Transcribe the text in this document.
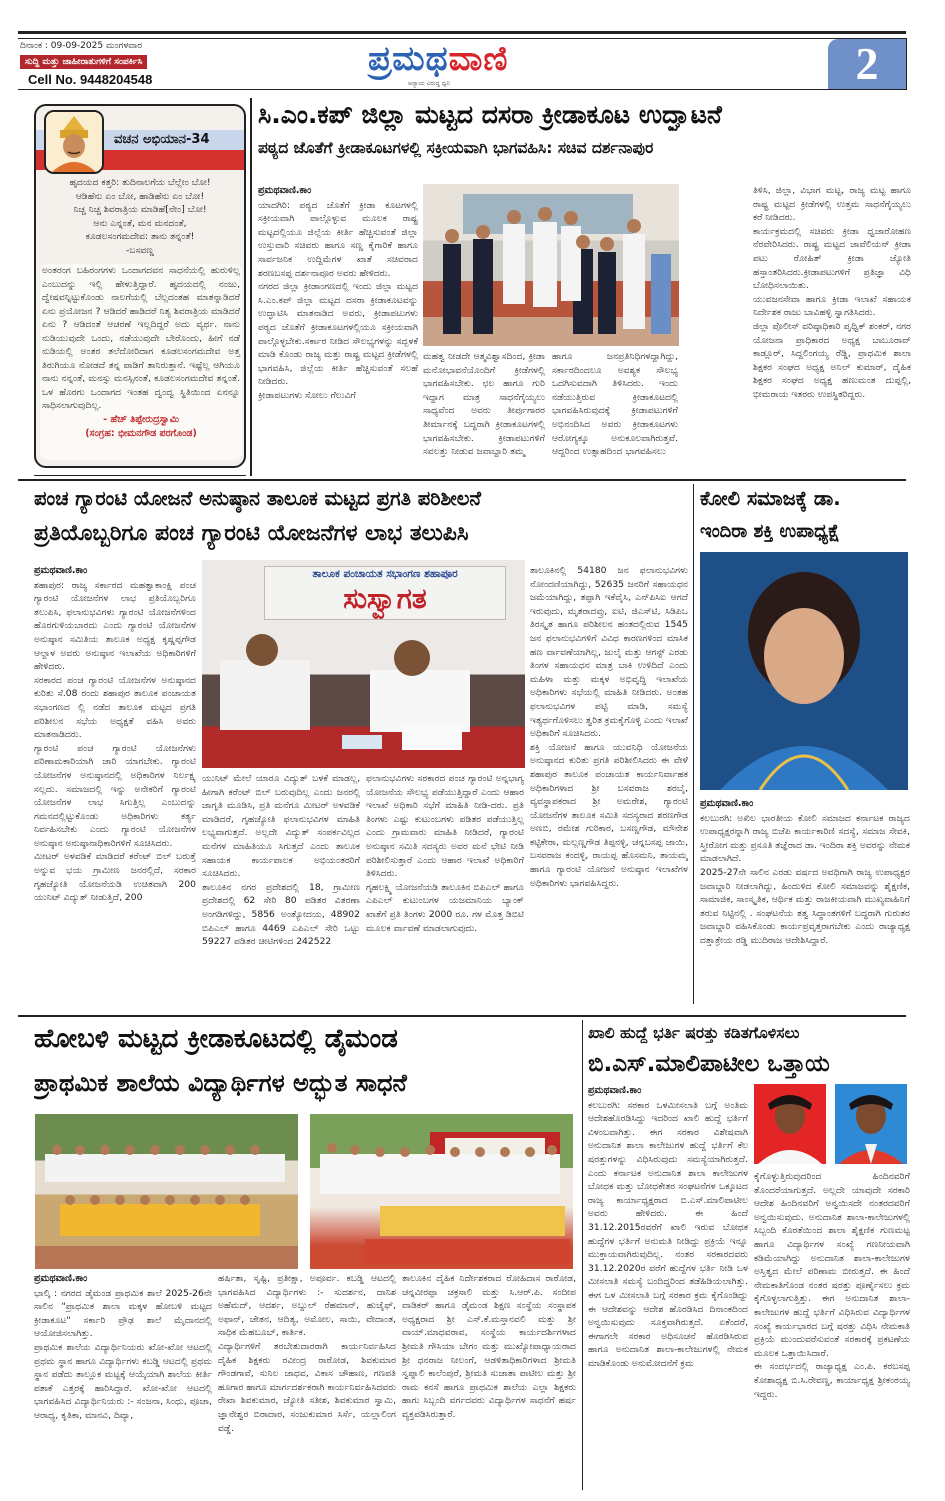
ದಿನಾಂಕ : 09-09-2025 ಮಂಗಳವಾರ
ಸುದ್ದಿ ಮತ್ತು ಜಾಹೀರಾತುಗಳಿಗೆ ಸಂಪರ್ಕಿಸಿ
Cell No. 9448204548
ಪ್ರಮಥವಾಣಿ
ಅನ್ಯಾಯ ವಿರುದ್ಧ ಧ್ವನಿ	2
ವಚನ ಅಭಿಯಾನ-34
ಹೃದಯದ ಕತ್ತರಿ: ತುದಿನಾಲಗೆಯ ಬೆಲ್ಲೇಂ ಬೋ!
ಆಡಿಹೆನು ಏಂ ಬೋ, ಹಾಡಿಹೆನು ಏಂ ಬೋ!
ನಿಚ್ಚ ನಿಚ್ಚ ಶಿವರಾತ್ರಿಯ ಮಾಡಿಹೆ[ನೇಂ] ಬೋ!
ಆನು ಎನ್ನಂತೆ, ಮನ ಮನದಂತೆ,
ಕೂಡಲಸಂಗಮದೇವ: ತಾನು ತನ್ನಂತೆ!
-ಬಸವಣ್ಣ
ಅಂತರಂಗ ಬಹಿರಂಗಗಳು ಒಂದಾಗದವನ ಸಾಧನೆಯಲ್ಲಿ ಹುರುಳಿಲ್ಲ ಎಂಬುದನ್ನು ಇಲ್ಲಿ ಹೇಳುತ್ತಿದ್ದಾರೆ. ಹೃದಯದಲ್ಲಿ ನಂಜು, ದ್ವೇಷವನ್ನಿಟ್ಟುಕೊಂಡು ನಾಲಗೆಯಲ್ಲಿ ಬೆಲ್ಲದಂತಹ ಮಾತನ್ನಾಡಿದರೆ ಏನು ಪ್ರಯೋಜನ ? ಆಡಿದರೆ ಹಾಡಿದರೆ ನಿತ್ಯ ಶಿವರಾತ್ರಿಯ ಮಾಡಿದರೆ ಏನು ? ಆಡಿದಂತೆ ಆಚರಣೆ ಇಲ್ಲದಿದ್ದರೆ ಅದು ವ್ಯರ್ಥ. ನಾನು ನುಡಿಯುವುದೇ ಒಂದು, ನಡೆಯುವುದೇ ಬೇರೊಂದು, ಹೀಗೆ ನಡೆ ನುಡಿಯಲ್ಲಿ ಅಂತರ ತಲೆದೋರಿದಾಗ ಕೂಡಲಸಂಗಮದೇವ ಅತ್ತ ತಿರುಗಿಯೂ ನೋಡದೆ ತನ್ನ ಪಾಡಿಗೆ ತಾನಿರುತ್ತಾನೆ. ಇಷ್ಟೆಲ್ಲ ಆಗಿಯೂ ನಾನು ನನ್ನಂತೆ, ಮನಸ್ಸು ಮನಸ್ಸಿನಂತೆ, ಕೂಡಲಸಂಗಮದೇವ ತನ್ನಂತೆ. ಒಳ ಹೊರಗು ಒಂದಾಗದ ಇಂತಹ ದ್ವಂದ್ವ ಸ್ಥಿತಿಯಿಂದ ಏನನ್ನೂ ಸಾಧಿಸಲಾಗುವುದಿಲ್ಲ.
- ಹೆಚ್ ತಿಪ್ಪೇರುದ್ರಸ್ವಾಮಿ
(ಸಂಗ್ರಹ: ಭೀಮನಗೌಡ ಪರಗೊಂಡ)
ಸಿ.ಎಂ.ಕಪ್ ಜಿಲ್ಲಾ ಮಟ್ಟದ ದಸರಾ ಕ್ರೀಡಾಕೂಟ ಉದ್ಘಾಟನೆ
ಪಠ್ಯದ ಜೊತೆಗೆ ಕ್ರೀಡಾಕೂಟಗಳಲ್ಲಿ ಸಕ್ರೀಯವಾಗಿ ಭಾಗವಹಿಸಿ: ಸಚಿವ ದರ್ಶನಾಪುರ
ಪ್ರಮಥವಾಣಿ.ಕಾಂ

ಯಾದಗಿರಿ: ಪಠ್ಯದ ಜೊತೆಗೆ ಕ್ರೀಡಾ ಕೂಟಗಳಲ್ಲಿ ಸಕ್ರೀಯವಾಗಿ ಪಾಲ್ಗೊಳ್ಳುವ ಮೂಲಕ ರಾಷ್ಟ್ರ ಮಟ್ಟದಲ್ಲಿಯೂ ಜಿಲ್ಲೆಯ ಕೀರ್ತಿ ಹೆಚ್ಚಿಸುವಂತೆ ಜಿಲ್ಲಾ ಉಸ್ತುವಾರಿ ಸಚಿವರು ಹಾಗೂ ಸಣ್ಣ ಕೈಗಾರಿಕೆ ಹಾಗೂ ಸಾರ್ವಜನಿಕ ಉದ್ದಿಮೆಗಳ ಖಾತೆ ಸಚಿವರಾದ ಶರಣಬಸಪ್ಪ ದರ್ಶನಾಪೂರ ಅವರು ಹೇಳಿದರು.

ನಗರದ ಜಿಲ್ಲಾ ಕ್ರೀಡಾಂಗಣದಲ್ಲಿ ಇಂದು ಜಿಲ್ಲಾ ಮಟ್ಟದ ಸಿ.ಎಂ.ಕಪ್ ಜಿಲ್ಲಾ ಮಟ್ಟದ ದಸರಾ ಕ್ರೀಡಾಕೂಟವನ್ನು ಉದ್ಘಾಟಿಸಿ ಮಾತನಾಡಿದ ಅವರು, ಕ್ರೀಡಾಪಟುಗಳು ಪಠ್ಯದ ಜೊತೆಗೆ ಕ್ರೀಡಾಕೂಟಗಳಲ್ಲಿಯೂ ಸಕ್ರೀಯವಾಗಿ ಪಾಲ್ಗೊಳ್ಳಬೇಕು.ಸರ್ಕಾರ ನೀಡಿದ ಸೌಲಭ್ಯಗಳನ್ನು ಸದ್ಬಳಕೆ ಮಾಡಿ ಕೊಂಡು ರಾಜ್ಯ ಮತ್ತು ರಾಷ್ಟ್ರ ಮಟ್ಟದ ಕ್ರೀಡೆಗಳಲ್ಲಿ ಭಾಗವಹಿಸಿ, ಜಿಲ್ಲೆಯ ಕೀರ್ತಿ ಹೆಚ್ಚಿಸುವಂತೆ ಸಲಹೆ ನೀಡಿದರು.

ಕ್ರೀಡಾಪಟುಗಳು ಸೋಲು ಗೆಲುವಿಗೆ

ಮಹತ್ವ ನೀಡದೇ ಆತ್ಮವಿಶ್ವಾಸದಿಂದ, ಕ್ರೀಡಾ ಮನೋಭಾವನೆಯೊಂದಿಗೆ ಕ್ರೀಡೆಗಳಲ್ಲಿ ಭಾಗವಹಿಸಬೇಕು. ಛಲ ಹಾಗೂ ಗುರಿ ಇದ್ದಾಗ ಮಾತ್ರ ಸಾಧನೆಗೈಯ್ಯಲು ಸಾಧ್ಯವೆಂದ ಅವರು ತೀರ್ಪುಗಾರರ ತೀರ್ಮಾನಕ್ಕೆ ಬದ್ಧರಾಗಿ ಕ್ರೀಡಾಕೂಟಗಳಲ್ಲಿ ಭಾಗವಹಿಸಬೇಕು. ಕ್ರೀಡಾಪಟುಗಳಿಗೆ ಸವಲತ್ತು ನೀಡುವ ಜವಾಬ್ದಾರಿ ತಮ್ಮ

ಹಾಗೂ ಜನಪ್ರತಿನಿಧಿಗಳದ್ದಾಗಿದ್ದು, ಸರ್ಕಾರದಿಂದಲೂ ಅವಶ್ಯಕ ಸೌಲಭ್ಯ ಒದಗಿಸುವದಾಗಿ ತಿಳಿಸಿದರು. ಇಂದು ನಡೆಯುತ್ತಿರುವ ಕ್ರೀಡಾಕೂಟದಲ್ಲಿ ಭಾಗವಹಿಸಿರುವುದಕ್ಕೆ ಕ್ರೀಡಾಪಟುಗಳಿಗೆ ಅಭಿನಂದಿಸಿದ ಅವರು ಕ್ರೀಡಾಕೂಟಗಳು ಆರೋಗ್ಯಕ್ಕೂ ಅನುಕೂಲವಾಗಿರುತ್ತವೆ. ಆದ್ದರಿಂದ ಉತ್ಸಾಹದಿಂದ ಭಾಗವಹಿಸಲು

ತಿಳಿಸಿ, ಜಿಲ್ಲಾ, ವಿಭಾಗ ಮಟ್ಟ, ರಾಜ್ಯ ಮಟ್ಟ ಹಾಗೂ ರಾಷ್ಟ್ರ ಮಟ್ಟದ ಕ್ರೀಡೆಗಳಲ್ಲಿ ಉತ್ತಮ ಸಾಧನೆಗೈಯ್ಯಲು ಕರೆ ನೀಡಿದರು.

ಕಾರ್ಯಕ್ರಮದಲ್ಲಿ ಸಚಿವರು ಕ್ರೀಡಾ ಧ್ವಜಾರೋಹಣ ನೆರವೇರಿಸಿದರು. ರಾಷ್ಟ್ರ ಮಟ್ಟದ ಜಾವೆಲಿಯನ್ ಕ್ರೀಡಾ ಪಟು ರೋಹಿತ್ ಕ್ರೀಡಾ ಜ್ಯೋತಿ ಹಸ್ತಾಂತರಿಸಿದರು.ಕ್ರೀಡಾಪಟುಗಳಿಗೆ ಪ್ರತಿಜ್ಞಾ ವಿಧಿ ಬೋಧಿಸಲಾಯಿತು.

ಯುವಜನಸೇವಾ ಹಾಗೂ ಕ್ರೀಡಾ ಇಲಾಖೆ ಸಹಾಯಕ ನಿರ್ದೇಶಕ ರಾಜು ಬಾವಿಹಳ್ಳಿ ಸ್ವಾಗತಿಸಿದರು.

ಜಿಲ್ಲಾ ಪೊಲೀಸ್ ವರಿಷ್ಠಾಧಿಕಾರಿ ಪೃಥ್ವಿಕ್ ಶಂಕರ್, ನಗರ ಯೋಜನಾ ಪ್ರಾಧಿಕಾರದ ಅಧ್ಯಕ್ಷ ಬಾಬೂರಾವ್ ಕಾಡ್ಲೂರ್, ಸಿದ್ದಲಿಂಗಯ್ಯ ರೆಡ್ಡಿ, ಪ್ರಾಥಮಿಕ ಶಾಲಾ ಶಿಕ್ಷಕರ ಸಂಘದ ಅಧ್ಯಕ್ಷ ಅನಿಲ್ ಕುಮಾರ್, ದೈಹಿಕ ಶಿಕ್ಷಕರ ಸಂಘದ ಅಧ್ಯಕ್ಷ ಹಣುಮಂತ ದುಪ್ಪಲ್ಲಿ, ಭೀಮರಾಯ ಇತರರು ಉಪಸ್ಥಿತರಿದ್ದರು.

ಪಂಚ ಗ್ಯಾರಂಟಿ ಯೋಜನೆ ಅನುಷ್ಠಾನ ತಾಲೂಕ ಮಟ್ಟದ ಪ್ರಗತಿ ಪರಿಶೀಲನೆ
ಪ್ರತಿಯೊಬ್ಬರಿಗೂ ಪಂಚ ಗ್ಯಾರಂಟಿ ಯೋಜನೆಗಳ ಲಾಭ ತಲುಪಿಸಿ
ಪ್ರಮಥವಾಣಿ.ಕಾಂ

ಶಹಾಪುರ: ರಾಜ್ಯ ಸರ್ಕಾರದ ಮಹತ್ವಾಕಾಂಕ್ಷಿ ಪಂಚ ಗ್ಯಾರಂಟಿ ಯೋಜನೆಗಳ ಲಾಭ ಪ್ರತಿಯೊಬ್ಬರಿಗೂ ತಲುಪಿಸಿ, ಫಲಾನುಭವಿಗಳು ಗ್ಯಾರಂಟಿ ಯೋಜನೆಗಳಿಂದ ಹೊರಗುಳಿಯಬಾರದು ಎಂದು ಗ್ಯಾರಂಟಿ ಯೋಜನೆಗಳ ಅನುಷ್ಠಾನ ಸಮಿತಿಯ ತಾಲೂಕ ಅಧ್ಯಕ್ಷ ಕೃಷ್ಣಪ್ಪಗೌಡ ಆಲ್ದಾಳ ಅವರು ಅನುಷ್ಠಾನ ಇಲಾಖೆಯ ಅಧಿಕಾರಿಗಳಿಗೆ ಹೇಳಿದರು.

ಸರಕಾರದ ಪಂಚ ಗ್ಯಾರಂಟಿ ಯೋಜನೆಗಳ ಅನುಷ್ಠಾನದ ಕುರಿತು ಸೆ.08 ರಂದು ಶಹಾಪುರ ತಾಲೂಕ ಪಂಚಾಯತ ಸಭಾಂಗಣದ ಲ್ಲಿ ನಡೆದ ತಾಲೂಕ ಮಟ್ಟದ ಪ್ರಗತಿ ಪರಿಶೀಲನ ಸಭೆಯ ಅಧ್ಯಕ್ಷತೆ ವಹಿಸಿ ಅವರು ಮಾತನಾಡಿದರು.

ಗ್ಯಾರಂಟಿ ಪಂಚ ಗ್ಯಾರಂಟಿ ಯೋಜನೆಗಳು ಪರಿಣಾಮಕಾರಿಯಾಗಿ ಜಾರಿ ಯಾಗಬೇಕು. ಗ್ಯಾರಂಟಿ ಯೋಜನೆಗಳ ಅನುಷ್ಠಾನದಲ್ಲಿ ಅಧಿಕಾರಿಗಳ ನಿರ್ಲಕ್ಷ್ಯ ಸಲ್ಲದು. ಸಮಾಜದಲ್ಲಿ ಇನ್ನು ಅನೇಕರಿಗೆ ಗ್ಯಾರಂಟಿ ಯೋಜನೆಗಳ ಲಾಭ ಸಿಗುತ್ತಿಲ್ಲ ಎಂಬುದನ್ನು ಗಮನದಲ್ಲಿಟ್ಟುಕೊಂಡು ಅಧಿಕಾರಿಗಳು ಕರ್ತ್ಯ ನಿರ್ವಹಿಸಬೇಕು ಎಂದು ಗ್ಯಾರಂಟಿ ಯೋಜನೆಗಳ ಅನುಷ್ಠಾನ ಅನುಷ್ಠಾನಾಧಿಕಾರಿಗಳಿಗೆ ಸೂಚಿಸಿದರು.

ಮೀಟರ್ ಅಳವಡಿಕೆ ಮಾಡಿದರೆ ಕರೆಂಟ್ ಬಿಲ್ ಬರುತ್ತೆ ಅನ್ನುವ ಭಯ ಗ್ರಾಮೀಣ ಜನರಲ್ಲಿದೆ, ಸರಕಾರ ಗೃಹಜ್ಯೋತಿ ಯೋಜನೆಯಡಿ ಉಚಿತವಾಗಿ 200 ಯುನಿಟ್ ವಿದ್ಯುತ್ ನೀಡುತ್ತಿದೆ, 200

ತಾಲೂಕ ಪಂಚಾಯತ ಸಭಾಂಗಣ ಶಹಾಪೂರ
ಸುಸ್ವಾಗತ

ಯುನಿಟ್ ಮೇಲೆ ಯಾರೂ ವಿದ್ಯುತ್ ಬಳಕೆ ಮಾಡಲ್ಲ, ಹೀಗಾಗಿ ಕರೆಂಟ್ ಬಿಲ್ ಬರುವುದಿಲ್ಲ ಎಂದು ಜನರಲ್ಲಿ ಜಾಗೃತಿ ಮೂಡಿಸಿ, ಪ್ರತಿ ಮನೆಗೂ ಮೀಟರ್ ಅಳವಡಿಕೆ ಮಾಡಿದರೆ, ಗೃಹಜ್ಯೋತಿ ಫಲಾನುಭವಿಗಳ ಮಾಹಿತಿ ಲಭ್ಯವಾಗುತ್ತದೆ. ಅಲ್ಲದೇ ವಿದ್ಯುತ್ ಸಂಪರ್ಕವಿಲ್ಲದ ಮನೆಗಳ ಮಾಹಿತಿಯೂ ಸಿಗುತ್ತದೆ ಎಂದು ತಾಲೂಕ ಸಹಾಯಕ ಕಾರ್ಯಪಾಲಕ ಅಭಿಯಂತರರಿಗೆ ಸೂಚಿಸಿದರು.

ತಾಲೂಕಿನ ನಗರ ಪ್ರದೇಶದಲ್ಲಿ 18, ಗ್ರಾಮೀಣ ಪ್ರದೇಶದಲ್ಲಿ 62 ಸೇರಿ 80 ಪಡಿತರ ವಿತರಣಾ ಅಂಗಡಿಗಳಿದ್ದು, 5856 ಅಂತ್ಯೋದಯ, 48902 ಬಿಪಿಎಲ್ ಹಾಗೂ 4469 ಎಪಿಎಲ್ ಸೇರಿ ಒಟ್ಟು 59227 ಪಡಿತರ ಚೀಟಿಗಳಿಂದ 242522

ಫಲಾನುಭವಿಗಳು ಸರಕಾರದ ಪಂಚ ಗ್ಯಾರಂಟಿ ಅನ್ನಭಾಗ್ಯ ಯೋಜನೆಯ ಸೌಲಭ್ಯ ಪಡೆಯುತ್ತಿದ್ದಾರೆ ಎಂದು ಆಹಾರ ಇಲಾಖೆ ಅಧಿಕಾರಿ ಸಭೆಗೆ ಮಾಹಿತಿ ನೀಡಿ-ದರು. ಪ್ರತಿ ತಿಂಗಳು ಎಷ್ಟು ಕುಟುಂಬಗಳು ಪಡಿತರ ಪಡೆಯುತ್ತಿಲ್ಲ ಎಂದು ಗ್ರಾಮವಾರು ಮಾಹಿತಿ ನೀಡಿದರೆ, ಗ್ಯಾರಂಟಿ ಅನುಷ್ಠಾನ ಸಮಿತಿ ಸದಸ್ಯರು ಅವರ ಮನೆ ಭೇಟಿ ನೀಡಿ ಪರಿಶೀಲಿಸುತ್ತಾರೆ ಎಂದು ಆಹಾರ ಇಲಾಖೆ ಅಧಿಕಾರಿಗೆ ತಿಳಿಸಿದರು.

ಗೃಹಲಕ್ಷ್ಮಿ ಯೋಜನೆಯಡಿ ತಾಲೂಕಿನ ಬಿಪಿಎಲ್ ಹಾಗೂ ಎಪಿಎಲ್ ಕುಟುಂಬಗಳ ಯಜಮಾನಿಯ ಬ್ಯಾಂಕ್ ಖಾತೆಗೆ ಪ್ರತಿ ತಿಂಗಳು 2000 ರೂ. ಗಳ ಮೊತ್ತ ಡಿಬಿಟಿ ಮೂಲಕ ರ್ವಾವಣೆ ಮಾಡಲಾಗುವುದು.

ತಾಲೂಕಿನಲ್ಲಿ 54180 ಜನ ಫಲಾನುಭವಿಗಳು ನೋಂದಣಿಯಾಗಿದ್ದು, 52635 ಜನರಿಗೆ ಸಹಾಯಧನ ಜಮೆಯಾಗಿದ್ದು, ತಪ್ಪಾಗಿ ಇಕೆವೈಸಿ, ಎನ್‌ಪಿಸಿಐ ಆಗದೆ ಇರುವುದು, ಮೃತರಾದವ್ರು, ಐಟಿ, ಜಿಎಸ್‌ಟಿ, ಸಿಡಿಪಿಒ ತಿರಸ್ಕೃತ ಹಾಗೂ ಪರಿಶೀಲನ ಹಂತದಲ್ಲಿರುವ 1545 ಜನ ಫಲಾನುಭವಿಗಳಿಗೆ ವಿವಿಧ ಕಾರಣಗಳಿಂದ ಮಾಸಿಕ ಹಣ ರ್ವಾವಣೆಯಾಗಿಲ್ಲ, ಜುಲೈ ಮತ್ತು ಆಗಸ್ಟ್ ಎರಡು ತಿಂಗಳ ಸಹಾಯಧನ ಮಾತ್ರ ಬಾಕಿ ಉಳಿದಿದೆ ಎಂದು ಮಹಿಳಾ ಮತ್ತು ಮಕ್ಕಳ ಅಭಿವೃದ್ಧಿ ಇಲಾಖೆಯ ಅಧಿಕಾರಿಗಳು ಸಭೆಯಲ್ಲಿ ಮಾಹಿತಿ ನೀಡಿದರು. ಅಂತಹ ಫಲಾನುಭವಿಗಳ ಪಟ್ಟಿ ಮಾಡಿ, ಸಮಸ್ಯೆ ಇತ್ಯರ್ಥಗೊಳಿಸಲು ತ್ವರಿತ ಕ್ರಮಕೈಗೊಳ್ಳಿ ಎಂದು ಇಲಾಖೆ ಅಧಿಕಾರಿಗೆ ಸೂಚಿಸಿದರು.

ಶಕ್ತಿ ಯೋಜನೆ ಹಾಗೂ ಯುವನಿಧಿ ಯೋಜನೆಯ ಅನುಷ್ಠಾನದ ಕುರಿತು ಪ್ರಗತಿ ಪರಿಶೀಲಿಸಿದರು ಈ ವೇಳೆ ಶಹಾಪುರ ತಾಲೂಕ ಪಂಚಾಯತ ಕಾರ್ಯನಿರ್ವಾಹಕ ಅಧಿಕಾರಿಗಳಾದ ಶ್ರೀ ಬಸವರಾಜ ಶರಬೈ, ವ್ಯವಸ್ಥಾಪಕರಾದ ಶ್ರೀ ಅಮರೇಶ, ಗ್ಯಾರಂಟಿ ಯೋಜನೆಗಳ ತಾಲೂಕ ಸಮಿತಿ ಸದಸ್ಯರಾದ ಶರಣಗೌಡ ಅಣಬಿ, ರಮೇಶ ಗುರಿಕಾರ, ಬಸಣ್ಣಗೌಡ, ಮೌನೇಶ ಕಟ್ಟಿಕೇರಾ, ಮಲ್ಲಣ್ಣಗೌಡ ತಿಪ್ಪನಳ್ಳಿ, ಚನ್ನಬಸಪ್ಪ ಜಾಯಿ, ಬಸವರಾಜ ಕಂದಳ್ಳಿ, ರಾಯಪ್ಪ ಹೊಸಮನಿ, ತಾಯಮ್ಮ ಹಾಗೂ ಗ್ಯಾರಂಟಿ ಯೋಜನೆ ಅನುಷ್ಠಾನ ಇಲಾಖೆಗಳ ಅಧಿಕಾರಿಗಳು ಭಾಗವಹಿಸಿದ್ದರು.

ಕೋಲಿ ಸಮಾಜಕ್ಕೆ ಡಾ.
ಇಂದಿರಾ ಶಕ್ತಿ ಉಪಾಧ್ಯಕ್ಷೆ
ಪ್ರಮಥವಾಣಿ.ಕಾಂ

ಕಲಬುರಗಿ: ಅಖಿಲ ಭಾರತೀಯ ಕೋಲಿ ಸಮಾಜದ ಕರ್ನಾಟಕ ರಾಜ್ಯದ ಉಪಾಧ್ಯಕ್ಷರನ್ನಾಗಿ ರಾಜ್ಯ ಬಿಜೆಪಿ ಕಾರ್ಯಕಾರಿಣಿ ಸದಸ್ಯೆ, ಸಮಾಜ ಸೇವಕಿ, ಸ್ತ್ರೀರೋಗ ಮತ್ತು ಪ್ರಸೂತಿ ತಜ್ಞೆರಾದ ಡಾ. ಇಂದಿರಾ ಶಕ್ತಿ ಅವರನ್ನು ನೇಮಕ ಮಾಡಲಾಗಿದೆ.

2025-27ನೇ ಸಾಲಿನ ಎರಡು ವರ್ಷದ ಅವಧಿಗಾಗಿ ರಾಜ್ಯ ಉಪಾಧ್ಯಕ್ಷರ ಜವಾಬ್ದಾರಿ ನೀಡಲಾಗಿದ್ದು, ಹಿಂದುಳಿದ ಕೋಲಿ ಸಮಾಜವನ್ನು ಶೈಕ್ಷಣಿಕ, ಸಾಮಾಜಿಕ, ಸಾಂಸ್ಕೃತಿಕ, ಆರ್ಥಿಕ ಮತ್ತು ರಾಜಕೀಯವಾಗಿ ಮುಖ್ಯವಾಹಿನಿಗೆ ತರುವ ನಿಟ್ಟಿನಲ್ಲಿ . ಸಂಘಟನೆಯ ತತ್ವ ಸಿದ್ಧಾಂತಗಳಿಗೆ ಬದ್ಧರಾಗಿ ಗುರುತರ ಜವಾಬ್ದಾರಿ ವಹಿಸಿಕೊಂಡು ಕಾರ್ಯಪ್ರವೃತ್ತರಾಗಬೇಕು ಎಂದು ರಾಜ್ಯಾಧ್ಯಕ್ಷ ದತ್ತಾತ್ರೇಯ ರಡ್ಡಿ ಮುದಿರಾಜ ಆದೇಶಿಸಿದ್ದಾರೆ.

ಹೋಬಳಿ ಮಟ್ಟದ ಕ್ರೀಡಾಕೂಟದಲ್ಲಿ ಡೈಮಂಡ
ಪ್ರಾಥಮಿಕ ಶಾಲೆಯ ವಿದ್ಯಾರ್ಥಿಗಳ ಅದ್ಭುತ ಸಾಧನೆ
ಪ್ರಮಥವಾಣಿ.ಕಾಂ

ಭಾಲ್ಕಿ : ನಗರದ ಡೈಮಂಡ ಪ್ರಾಥಮಿಕ ಶಾಲೆ 2025-26ನೇ ಸಾಲಿನ "ಪ್ರಾಥಮಿಕ ಶಾಲಾ ಮಕ್ಕಳ ಹೋಬಳಿ ಮಟ್ಟದ ಕ್ರೀಡಾಕೂಟ" ಸರ್ಕಾರಿ ಪ್ರೌಢ ಶಾಲೆ ಮೈದಾನದಲ್ಲಿ ಆಯೋಜಿಸಲಾಗಿತ್ತು.

ಪ್ರಾಥಮಿಕ ಶಾಲೆಯ ವಿದ್ಯಾರ್ಥಿನಿಯರು ಖೋ-ಖೋ ಆಟದಲ್ಲಿ ಪ್ರಥಮ ಸ್ಥಾನ ಹಾಗೂ ವಿದ್ಯಾರ್ಥಿಗಳು ಕಬಡ್ಡಿ ಆಟದಲ್ಲಿ ಪ್ರಥಮ ಸ್ಥಾನ ಪಡೆದು ತಾಲ್ಲೂಕ ಮಟ್ಟಕ್ಕೆ ಆಯ್ಕೆಯಾಗಿ ಶಾಲೆಯ ಕೀರ್ತಿ ಪತಾಕೆ ಎತ್ತರಕ್ಕೆ ಹಾರಿಸಿದ್ದಾರೆ. ಖೋ-ಖೋ ಆಟದಲ್ಲಿ ಭಾಗವಹಿಸಿದ ವಿದ್ಯಾರ್ಥಿನಿಯರು :- ಸಂಜನಾ, ಸಿಂಧು, ಪೂಜಾ, ಆರಾಧ್ಯ, ಕೃತಿಕಾ, ಮಾನವಿ, ದಿವ್ಯಾ,

ಹರ್ಷಿತಾ, ಸೃಷ್ಟಿ, ಪ್ರತೀಕ್ಷಾ, ಅಪೂರ್ವ. ಕಬಡ್ಡಿ ಆಟದಲ್ಲಿ ಭಾಗವಹಿಸಿದ ವಿದ್ಯಾರ್ಥಿಗಳು :- ಸುದರ್ಶನ, ದಾನಿಶ ಅಹೆಮದ್, ಆದರ್ಶ, ಅಬ್ದುಲ್ ರೆಹಮಾನ್, ಹುಜೈಫ್, ಅಫಾನ್, ಚೇತನ, ಆದಿತ್ಯ, ಅಮೋಲ, ಸಾಯಿ, ವೇದಾಂತ, ಸಾಧಿಕ ಮೆಹಬೂಬ್, ಕಾರ್ತಿಕ.

ವಿದ್ಯಾರ್ಥಿಗಳಿಗೆ ತರಬೇತುದಾರರಾಗಿ ಕಾರ್ಯನಿರ್ವಹಿಸಿದ ದೈಹಿಕ ಶಿಕ್ಷಕರು ರವೀಂದ್ರ ರಾಠೋಡ, ಶಿವಕುಮಾರ ಗೌಂಡಗಾವೆ, ಸುನಿಲ ಜಾಧವ, ವಿಕಾಸ ಚೌಹಾಣ, ಗಣಪತಿ ಹೂಗಾರ ಹಾಗೂ ಮಾರ್ಗದರ್ಶಕರಾಗಿ ಕಾರ್ಯನಿರ್ವಹಿಸಿದವರು ರೇಖಾ ಶಿವಕುಮಾರ, ಜ್ಯೋತಿ ಸತೀಶ, ಶಿವಕುಮಾರ ಸ್ವಾಮಿ, ಜ್ಞಾನೇಶ್ವರ ಬಿರಾದಾರ, ಸಂಜುಕುಮಾರ ಸಿರ್ಸೆ, ಯಲ್ಲಾಲಿಂಗ ವಡ್ಡೆ.

ತಾಲೂಕಿನ ದೈಹಿಕ ನಿರ್ದೇಶಕರಾದ ರೋಹಿದಾಸ ರಾಠೋಡ, ಚನ್ನವೀರಪ್ಪಾ ಚಕ್ರಸಾಲಿ ಮತ್ತು ಸಿ.ಆರ್.ಪಿ. ಸಂದೀಪ ವಾಡಿಕರ್ ಹಾಗೂ ಡೈಮಂಡ ಶಿಕ್ಷಣ ಸಂಸ್ಥೆಯ ಸಂಸ್ಥಾಪಕ ಅಧ್ಯಕ್ಷರಾದ ಶ್ರೀ ಎಸ್.ಕೆ.ಮಸ್ತಾನವಲಿ ಮತ್ತು ಶ್ರೀ ವಾಯ್.ಮಾಧವರಾವ, ಸಂಸ್ಥೆಯ ಕಾರ್ಯದರ್ಶಿಗಳಾದ ಶ್ರೀಮತಿ ಗೌಸಿಯಾ ಬೇಗಂ ಮತ್ತು ಮುಖ್ಯೋಪಾಧ್ಯಾಯರಾದ ಶ್ರೀ ಧನರಾಜ ನೀಲಂಗೆ, ಆಡಳಿತಾಧಿಕಾರಿಗಳಾದ ಶ್ರೀಮತಿ ಸ್ವಪ್ನಾಲಿ ಕಾಲೆಂಪುರೆ, ಶ್ರೀಮತಿ ಸುಜಾತಾ ಪಾಟೀಲ ಮತ್ತು ಶ್ರೀ ರಾಮ ಕನಸೆ ಹಾಗೂ ಪ್ರಾಥಮಿಕ ಶಾಲೆಯ ಎಲ್ಲಾ ಶಿಕ್ಷಕರು ಹಾಗು ಸಿಬ್ಬಂದಿ ವರ್ಗದವರು ವಿದ್ಯಾರ್ಥಿಗಳ ಸಾಧನೆಗೆ ಹರ್ಷ ವ್ಯಕ್ತಪಡಿಸಿರುತ್ತಾರೆ.

ಖಾಲಿ ಹುದ್ದೆ ಭರ್ತಿ ಷರತ್ತು ಕಡಿತಗೊಳಿಸಲು
ಬಿ.ಎಸ್.ಮಾಲಿಪಾಟೀಲ ಒತ್ತಾಯ
ಪ್ರಮಥವಾಣಿ.ಕಾಂ

ಕಲಬುರಗಿ: ಸರಕಾರ ಒಳಮೀಸಲಾತಿ ಬಗ್ಗೆ ಅಂತಿಮ ಆದೇಶಹೊರಡಿಸಿದ್ದು ಇದರಿಂದ ಖಾಲಿ ಹುದ್ದೆ ಭರ್ತಿಗೆ ವಿಳಂಬವಾಗಿತ್ತು. ಈಗ ಸರಕಾರ ವಿಶೇಷವಾಗಿ ಅನುದಾನಿತ ಶಾಲಾ ಕಾಲೇಜುಗಳ ಹುದ್ದೆ ಭರ್ತಿಗೆ ಕೆಲ ಷರತ್ತುಗಳನ್ನು ವಿಧಿಸಿರುವುದು ಸಮಸ್ಯೆಯಾಗಿರುತ್ತದೆ. ಎಂದು ಕರ್ನಾಟಕ ಅನುದಾನಿತ ಶಾಲಾ ಕಾಲೇಜುಗಳ ಬೋಧಕ ಮತ್ತು ಬೋಧಕೇತರ ಸಂಘಟನೆಗಳ ಒಕ್ಕೂಟದ ರಾಜ್ಯ ಕಾರ್ಯಾಧ್ಯಕ್ಷರಾದ ಬಿ.ಎಸ್.ಮಾಲಿಪಾಟೀಲ ಅವರು ಹೇಳಿದರು. ಈ ಹಿಂದೆ 31.12.2015ರವರೆಗೆ ಖಾಲಿ ಇರುವ ಬೋಧಕ ಹುದ್ದೆಗಳ ಭರ್ತಿಗೆ ಅನುಮತಿ ನೀಡಿದ್ದು ಪ್ರಕ್ರಿಯೆ ಇನ್ನೂ ಮುಕ್ತಾಯವಾಗಿರುವುದಿಲ್ಲ. ನಂತರ ಸರಕಾರದವರು 31.12.2020ರ ವರೆಗೆ ಹುದ್ದೆಗಳ ಭರ್ತಿ ನೀಡಿ ಒಳ ಮೀಸಲಾತಿ ಸಮಸ್ಯೆ ಬಂದಿದ್ದರಿಂದ ತಡೆಹಿಡಿಯಲಾಗಿತ್ತು. ಈಗ ಒಳ ಮೀಸಲಾತಿ ಬಗ್ಗೆ ಸರಕಾರ ಕ್ರಮ ಕೈಗೊಂಡಿದ್ದು ಈ ಆದೇಶವನ್ನು ಆದೇಶ ಹೊರಡಿಸಿದ ದಿನಾಂಕದಿಂದ ಅನ್ವಯಿಸುವುದು ಸೂಕ್ತವಾಗಿರುತ್ತದೆ. ಏಕೆಂದರೆ, ಈಗಾಗಲೇ ಸರಕಾರ ಅಧಿಸೂಚನೆ ಹೊರಡಿಸಿರುವ ಹಾಗೂ ಅನುದಾನಿತ ಶಾಲಾ-ಕಾಲೇಜುಗಳಲ್ಲಿ ನೇಮಕ ಮಾಡಿಕೊಂಡು ಅನುಮೋದನೆಗೆ ಕ್ರಮ

ಕೈಗೊಳ್ಳುತ್ತಿರುವುದರಿಂದ ಹಿಂದಿನವರಿಗೆ ತೊಂದರೆಯಾಗುತ್ತದೆ. ಅಲ್ಲದೇ ಯಾವುದೇ ಸರಕಾರಿ ಆದೇಶ ಹಿಂದಿನವರಿಗೆ ಅನ್ವಯಿಸದೇ ನಂತರದವರಿಗೆ ಅನ್ವಯಿಸುವುದು. ಅನುದಾನಿತ ಶಾಲಾ-ಕಾಲೇಜುಗಳಲ್ಲಿ ಸಿಬ್ಬಂದಿ ಕೊರತೆಯಿಂದ ಶಾಲಾ ಶೈಕ್ಷಣಿಕ ಗುಣಮಟ್ಟ ಹಾಗೂ ವಿದ್ಯಾರ್ಥಿಗಳ ಸಂಖ್ಯೆ ಗಣನೀಯವಾಗಿ ಕಡಿಮೆಯಾಗಿದ್ದು ಅನುದಾನಿತ ಶಾಲಾ-ಕಾಲೇಜುಗಳ ಅಸ್ತಿತ್ವದ ಮೇಲೆ ಪರಿಣಾಮ ಬೀರುತ್ತದೆ. ಈ ಹಿಂದೆ ನೇಮಕಾತಿಗೊಂಡ ನಂತರ ಷರತ್ತು ಪೂರ್ಣೈಸಲು ಕ್ರಮ ಕೈಗೊಳ್ಳಲಾಗುತ್ತಿತ್ತು. ಈಗ ಅನುದಾನಿತ ಶಾಲಾ-ಕಾಲೇಜುಗಳ ಹುದ್ದೆ ಭರ್ತಿಗೆ ವಿಧಿಸಿರುವ ವಿದ್ಯಾರ್ಥಿಗಳ ಸಂಖ್ಯೆ ಕಾರ್ಯಭಾರದ ಬಗ್ಗೆ ಷರತ್ತು ವಿಧಿಸಿ ನೇಮಕಾತಿ ಪ್ರಕ್ರಿಯೆ ಮುಂದುವರೆಸುವಂತೆ ಸರಕಾರಕ್ಕೆ ಪ್ರಕಟಣೆಯ ಮೂಲಕ ಒತ್ತಾಯಿಸಿದಾರೆ.

ಈ ಸಂದರ್ಭದಲ್ಲಿ ರಾಜ್ಯಾಧ್ಯಕ್ಷ ಎಂ.ಪಿ. ಕರಬಸಪ್ಪ ಕೋಶಾಧ್ಯಕ್ಷ ಬಿ.ಸಿ.ರೇವಣ್ಣ, ಕಾರ್ಯಾಧ್ಯಕ್ಷ ಶ್ರೀಕಂಠಯ್ಯ ಇದ್ದರು.
